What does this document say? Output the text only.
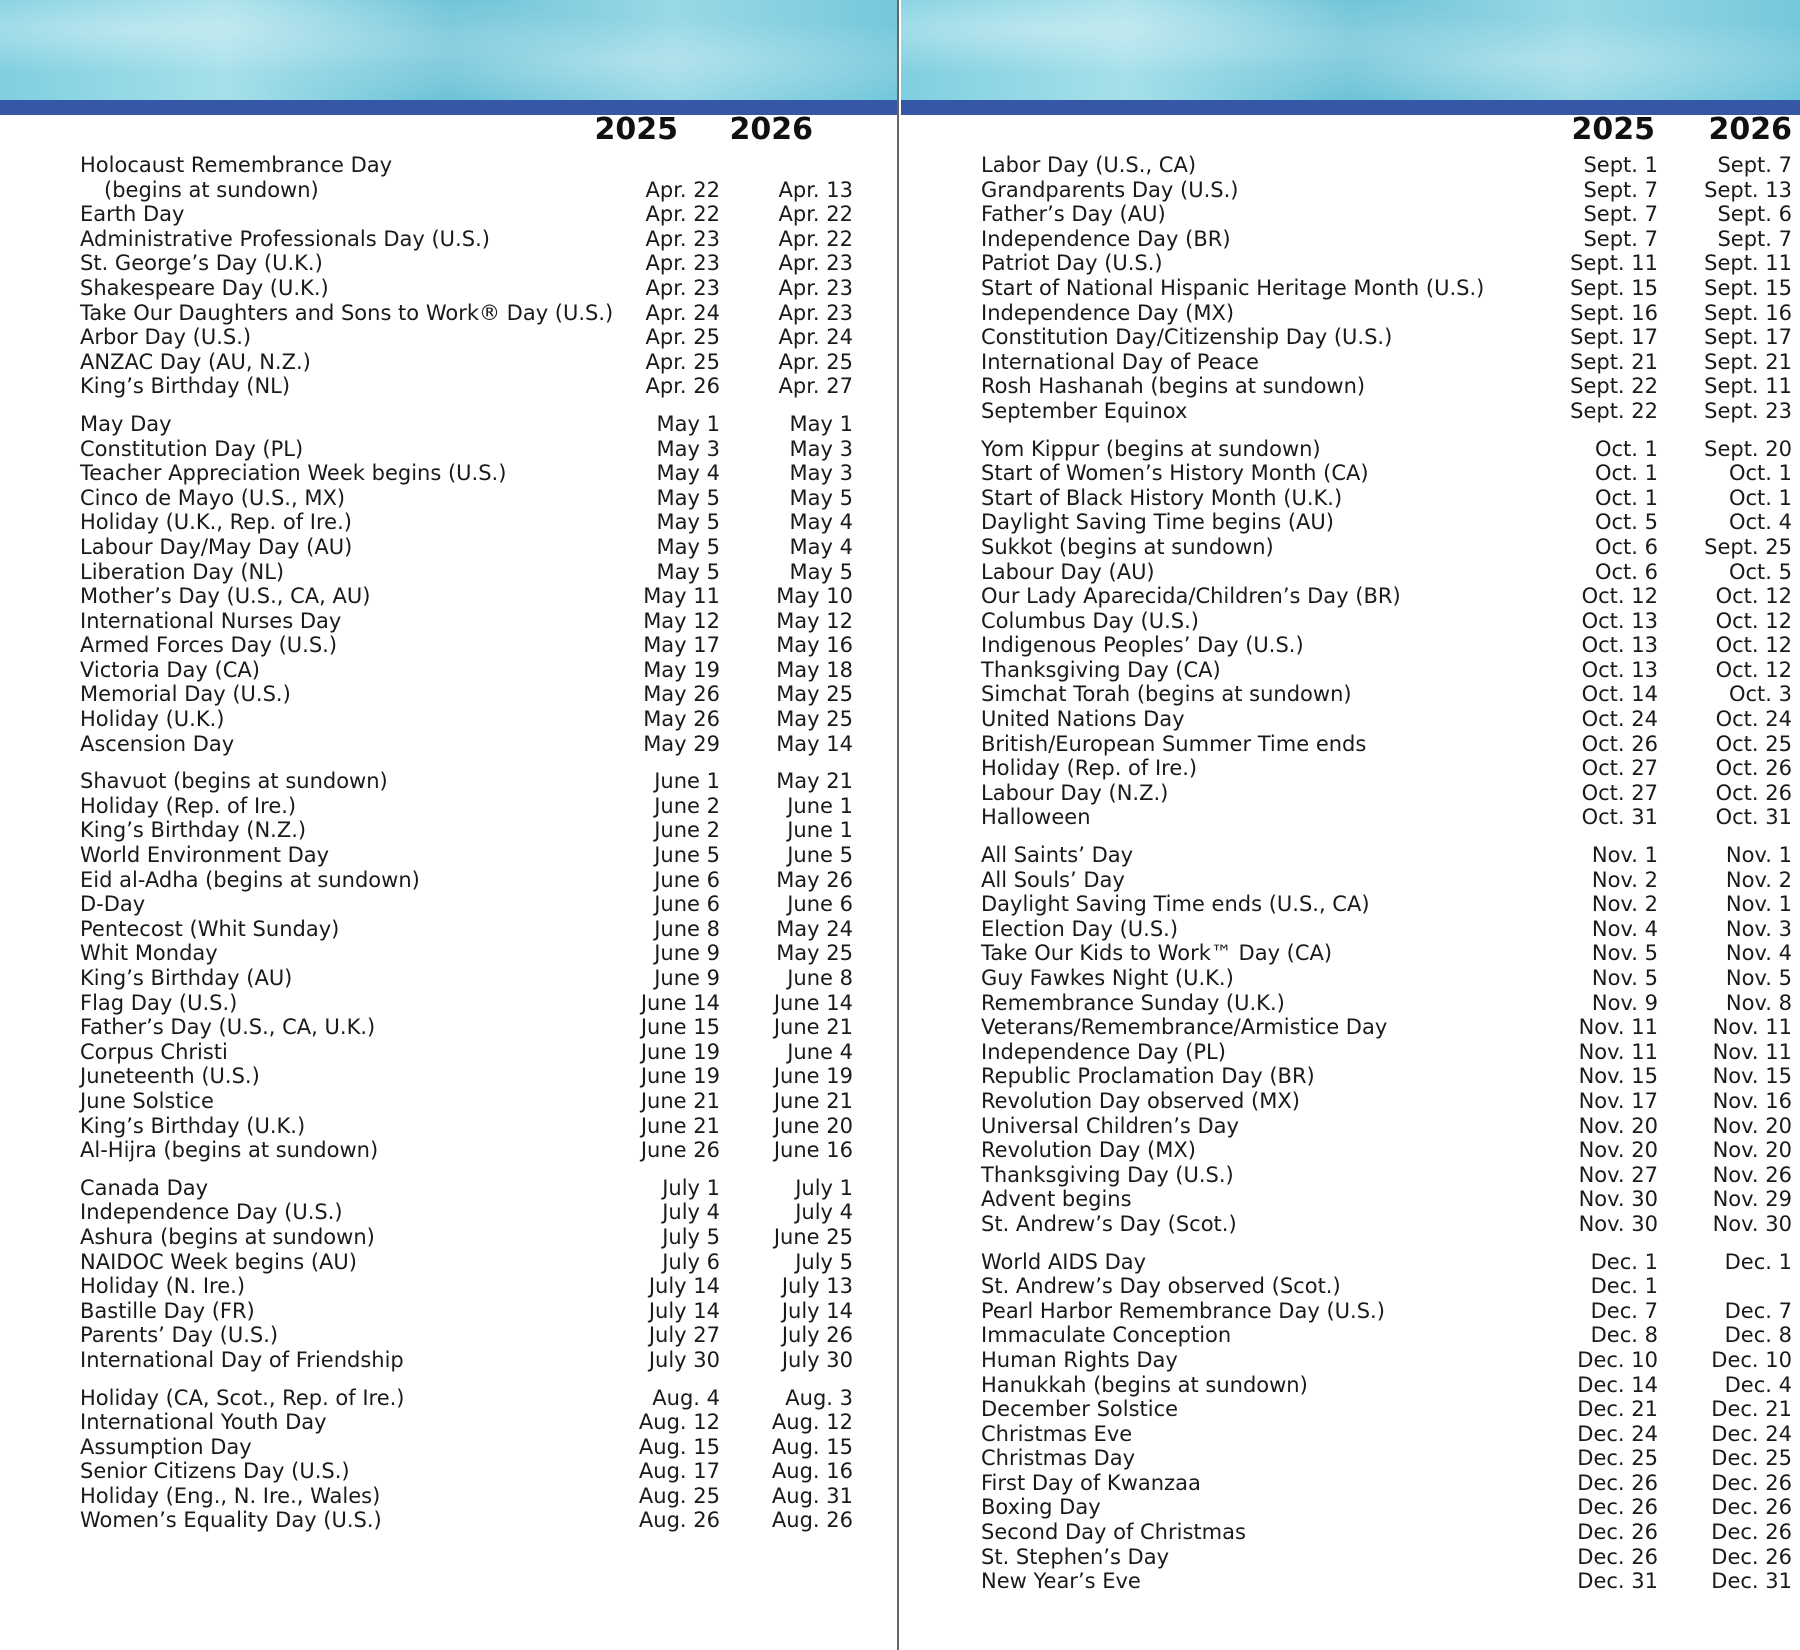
2025	2026
Holocaust Remembrance Day
(begins at sundown)	Apr. 22	Apr. 13
Earth Day	Apr. 22	Apr. 22
Administrative Professionals Day (U.S.)	Apr. 23	Apr. 22
St. George’s Day (U.K.)	Apr. 23	Apr. 23
Shakespeare Day (U.K.)	Apr. 23	Apr. 23
Take Our Daughters and Sons to Work® Day (U.S.)	Apr. 24	Apr. 23
Arbor Day (U.S.)	Apr. 25	Apr. 24
ANZAC Day (AU, N.Z.)	Apr. 25	Apr. 25
King’s Birthday (NL)	Apr. 26	Apr. 27
May Day	May 1	May 1
Constitution Day (PL)	May 3	May 3
Teacher Appreciation Week begins (U.S.)	May 4	May 3
Cinco de Mayo (U.S., MX)	May 5	May 5
Holiday (U.K., Rep. of Ire.)	May 5	May 4
Labour Day/May Day (AU)	May 5	May 4
Liberation Day (NL)	May 5	May 5
Mother’s Day (U.S., CA, AU)	May 11	May 10
International Nurses Day	May 12	May 12
Armed Forces Day (U.S.)	May 17	May 16
Victoria Day (CA)	May 19	May 18
Memorial Day (U.S.)	May 26	May 25
Holiday (U.K.)	May 26	May 25
Ascension Day	May 29	May 14
Shavuot (begins at sundown)	June 1	May 21
Holiday (Rep. of Ire.)	June 2	June 1
King’s Birthday (N.Z.)	June 2	June 1
World Environment Day	June 5	June 5
Eid al-Adha (begins at sundown)	June 6	May 26
D-Day	June 6	June 6
Pentecost (Whit Sunday)	June 8	May 24
Whit Monday	June 9	May 25
King’s Birthday (AU)	June 9	June 8
Flag Day (U.S.)	June 14	June 14
Father’s Day (U.S., CA, U.K.)	June 15	June 21
Corpus Christi	June 19	June 4
Juneteenth (U.S.)	June 19	June 19
June Solstice	June 21	June 21
King’s Birthday (U.K.)	June 21	June 20
Al-Hijra (begins at sundown)	June 26	June 16
Canada Day	July 1	July 1
Independence Day (U.S.)	July 4	July 4
Ashura (begins at sundown)	July 5	June 25
NAIDOC Week begins (AU)	July 6	July 5
Holiday (N. Ire.)	July 14	July 13
Bastille Day (FR)	July 14	July 14
Parents’ Day (U.S.)	July 27	July 26
International Day of Friendship	July 30	July 30
Holiday (CA, Scot., Rep. of Ire.)	Aug. 4	Aug. 3
International Youth Day	Aug. 12	Aug. 12
Assumption Day	Aug. 15	Aug. 15
Senior Citizens Day (U.S.)	Aug. 17	Aug. 16
Holiday (Eng., N. Ire., Wales)	Aug. 25	Aug. 31
Women’s Equality Day (U.S.)	Aug. 26	Aug. 26
2025	2026
Labor Day (U.S., CA)	Sept. 1	Sept. 7
Grandparents Day (U.S.)	Sept. 7	Sept. 13
Father’s Day (AU)	Sept. 7	Sept. 6
Independence Day (BR)	Sept. 7	Sept. 7
Patriot Day (U.S.)	Sept. 11	Sept. 11
Start of National Hispanic Heritage Month (U.S.)	Sept. 15	Sept. 15
Independence Day (MX)	Sept. 16	Sept. 16
Constitution Day/Citizenship Day (U.S.)	Sept. 17	Sept. 17
International Day of Peace	Sept. 21	Sept. 21
Rosh Hashanah (begins at sundown)	Sept. 22	Sept. 11
September Equinox	Sept. 22	Sept. 23
Yom Kippur (begins at sundown)	Oct. 1	Sept. 20
Start of Women’s History Month (CA)	Oct. 1	Oct. 1
Start of Black History Month (U.K.)	Oct. 1	Oct. 1
Daylight Saving Time begins (AU)	Oct. 5	Oct. 4
Sukkot (begins at sundown)	Oct. 6	Sept. 25
Labour Day (AU)	Oct. 6	Oct. 5
Our Lady Aparecida/Children’s Day (BR)	Oct. 12	Oct. 12
Columbus Day (U.S.)	Oct. 13	Oct. 12
Indigenous Peoples’ Day (U.S.)	Oct. 13	Oct. 12
Thanksgiving Day (CA)	Oct. 13	Oct. 12
Simchat Torah (begins at sundown)	Oct. 14	Oct. 3
United Nations Day	Oct. 24	Oct. 24
British/European Summer Time ends	Oct. 26	Oct. 25
Holiday (Rep. of Ire.)	Oct. 27	Oct. 26
Labour Day (N.Z.)	Oct. 27	Oct. 26
Halloween	Oct. 31	Oct. 31
All Saints’ Day	Nov. 1	Nov. 1
All Souls’ Day	Nov. 2	Nov. 2
Daylight Saving Time ends (U.S., CA)	Nov. 2	Nov. 1
Election Day (U.S.)	Nov. 4	Nov. 3
Take Our Kids to Work™ Day (CA)	Nov. 5	Nov. 4
Guy Fawkes Night (U.K.)	Nov. 5	Nov. 5
Remembrance Sunday (U.K.)	Nov. 9	Nov. 8
Veterans/Remembrance/Armistice Day	Nov. 11	Nov. 11
Independence Day (PL)	Nov. 11	Nov. 11
Republic Proclamation Day (BR)	Nov. 15	Nov. 15
Revolution Day observed (MX)	Nov. 17	Nov. 16
Universal Children’s Day	Nov. 20	Nov. 20
Revolution Day (MX)	Nov. 20	Nov. 20
Thanksgiving Day (U.S.)	Nov. 27	Nov. 26
Advent begins	Nov. 30	Nov. 29
St. Andrew’s Day (Scot.)	Nov. 30	Nov. 30
World AIDS Day	Dec. 1	Dec. 1
St. Andrew’s Day observed (Scot.)	Dec. 1
Pearl Harbor Remembrance Day (U.S.)	Dec. 7	Dec. 7
Immaculate Conception	Dec. 8	Dec. 8
Human Rights Day	Dec. 10	Dec. 10
Hanukkah (begins at sundown)	Dec. 14	Dec. 4
December Solstice	Dec. 21	Dec. 21
Christmas Eve	Dec. 24	Dec. 24
Christmas Day	Dec. 25	Dec. 25
First Day of Kwanzaa	Dec. 26	Dec. 26
Boxing Day	Dec. 26	Dec. 26
Second Day of Christmas	Dec. 26	Dec. 26
St. Stephen’s Day	Dec. 26	Dec. 26
New Year’s Eve	Dec. 31	Dec. 31
